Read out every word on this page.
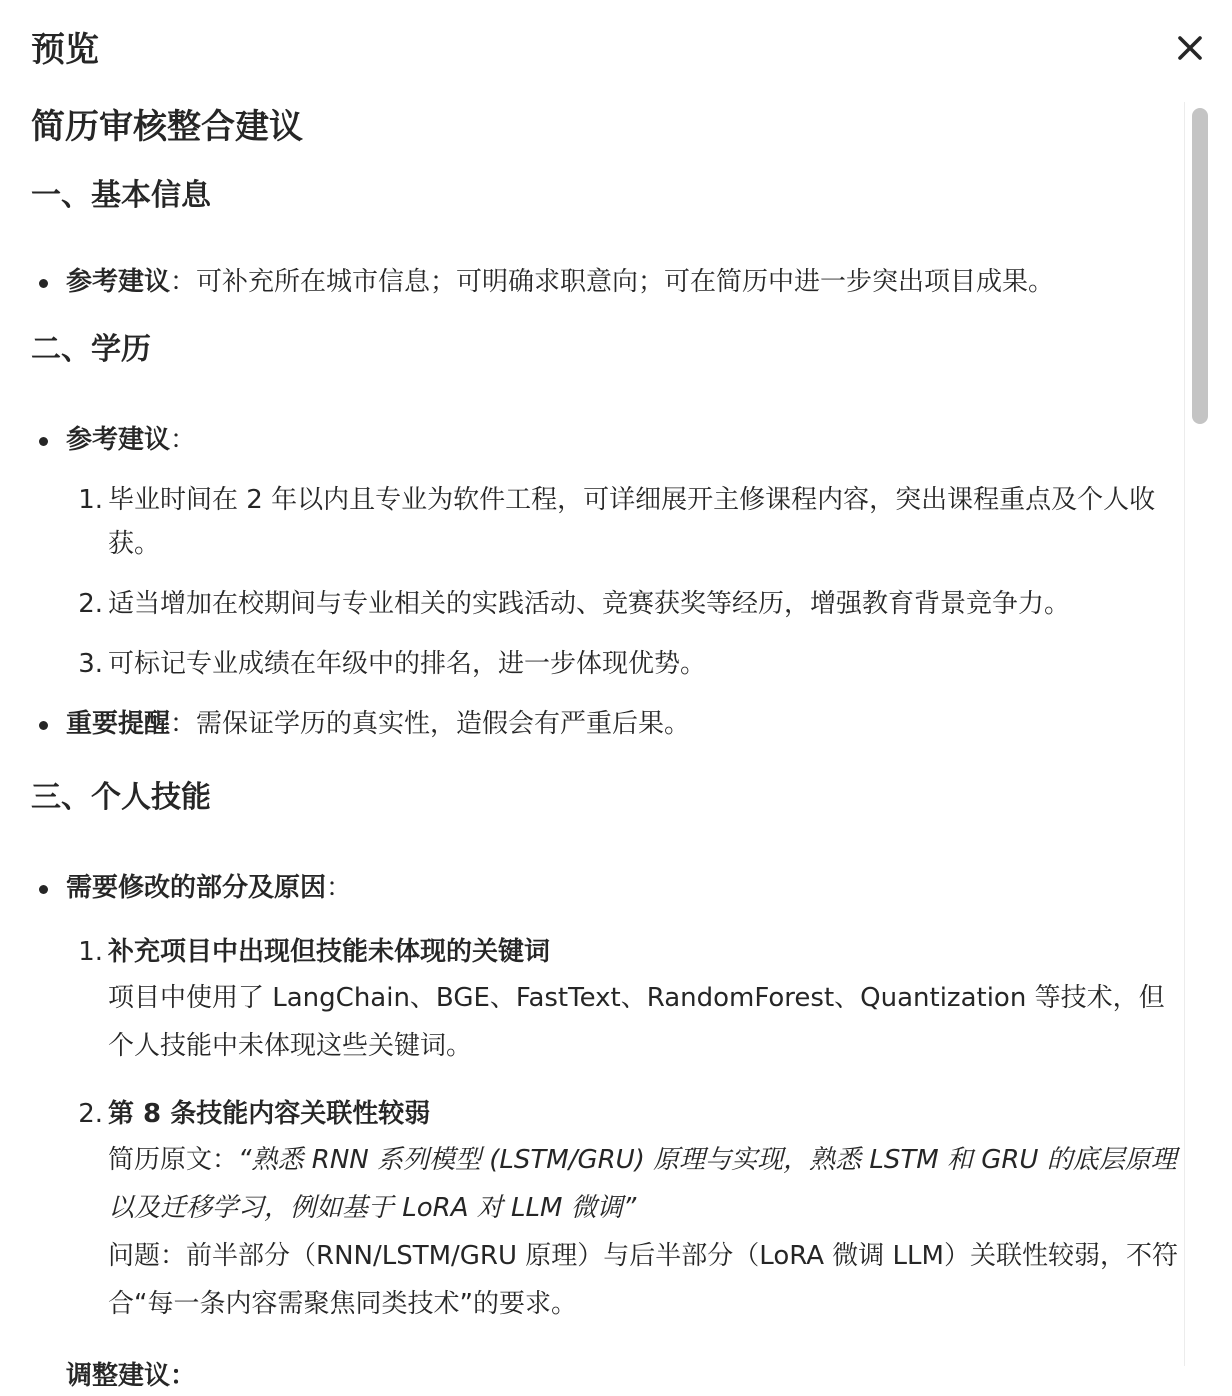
预览
简历审核整合建议
一、基本信息
参考建议：可补充所在城市信息；可明确求职意向；可在简历中进一步突出项目成果。
二、学历
参考建议：
1. 毕业时间在 2 年以内且专业为软件工程，可详细展开主修课程内容，突出课程重点及个人收获。
2. 适当增加在校期间与专业相关的实践活动、竞赛获奖等经历，增强教育背景竞争力。
3. 可标记专业成绩在年级中的排名，进一步体现优势。
重要提醒：需保证学历的真实性，造假会有严重后果。
三、个人技能
需要修改的部分及原因：
1. 补充项目中出现但技能未体现的关键词
项目中使用了 LangChain、BGE、FastText、RandomForest、Quantization 等技术，但个人技能中未体现这些关键词。
2. 第 8 条技能内容关联性较弱
简历原文：“熟悉 RNN 系列模型 (LSTM/GRU) 原理与实现，熟悉 LSTM 和 GRU 的底层原理以及迁移学习，例如基于 LoRA 对 LLM 微调”
问题：前半部分（RNN/LSTM/GRU 原理）与后半部分（LoRA 微调 LLM）关联性较弱，不符合“每一条内容需聚焦同类技术”的要求。
调整建议：
